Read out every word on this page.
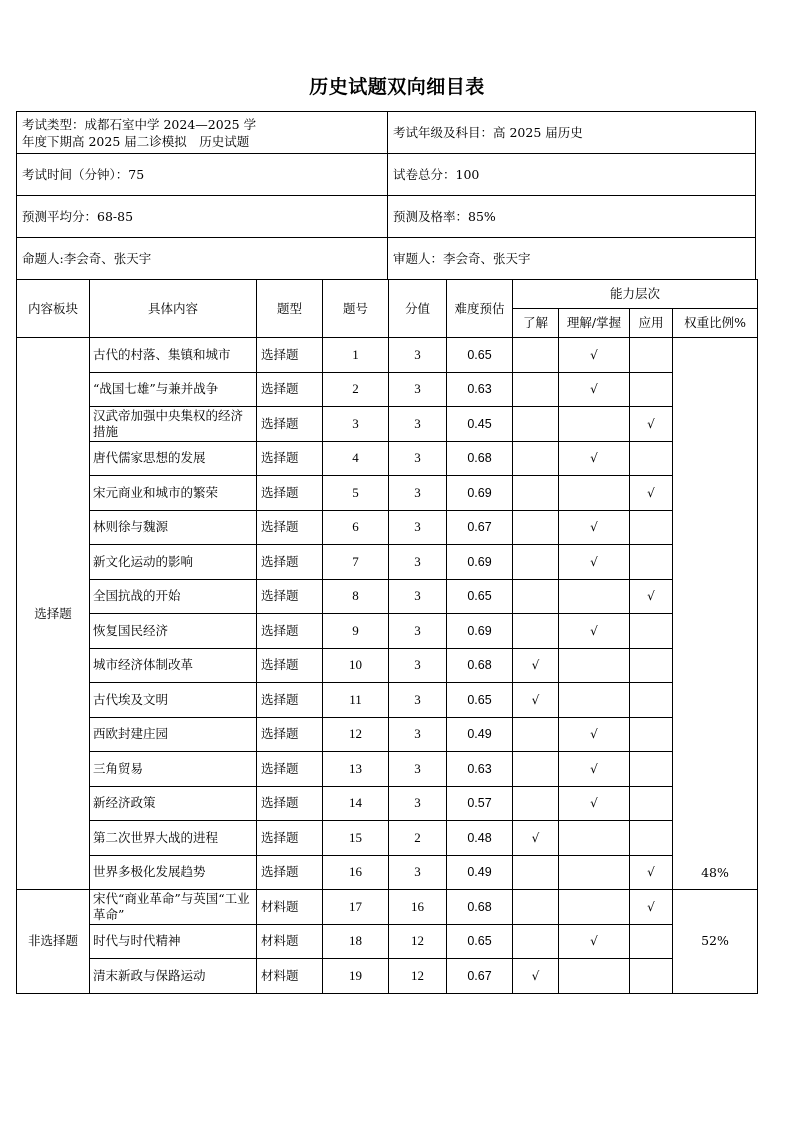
历史试题双向细目表
考试类型：成都石室中学 2024—2025 学
年度下期高 2025 届二诊模拟　历史试题	考试年级及科目：高 2025 届历史
考试时间（分钟）：75	试卷总分：100
预测平均分：68-85	预测及格率：85%
命题人:李会奇、张天宇	审题人：李会奇、张天宇
内容板块	具体内容	题型	题号	分值	难度预估	能力层次			
						了解	理解/掌握	应用	权重比例%
选择题	古代的村落、集镇和城市	选择题	1	3	0.65		√		48%
	“战国七雄”与兼并战争	选择题	2	3	0.63		√		
	汉武帝加强中央集权的经济措施	选择题	3	3	0.45			√	
	唐代儒家思想的发展	选择题	4	3	0.68		√		
	宋元商业和城市的繁荣	选择题	5	3	0.69			√	
	林则徐与魏源	选择题	6	3	0.67		√		
	新文化运动的影响	选择题	7	3	0.69		√		
	全国抗战的开始	选择题	8	3	0.65			√	
	恢复国民经济	选择题	9	3	0.69		√		
	城市经济体制改革	选择题	10	3	0.68	√			
	古代埃及文明	选择题	11	3	0.65	√			
	西欧封建庄园	选择题	12	3	0.49		√		
	三角贸易	选择题	13	3	0.63		√		
	新经济政策	选择题	14	3	0.57		√		
	第二次世界大战的进程	选择题	15	2	0.48	√			
	世界多极化发展趋势	选择题	16	3	0.49			√	
非选择题	宋代“商业革命”与英国“工业革命”	材料题	17	16	0.68			√	52%
	时代与时代精神	材料题	18	12	0.65		√		
	清末新政与保路运动	材料题	19	12	0.67	√			
